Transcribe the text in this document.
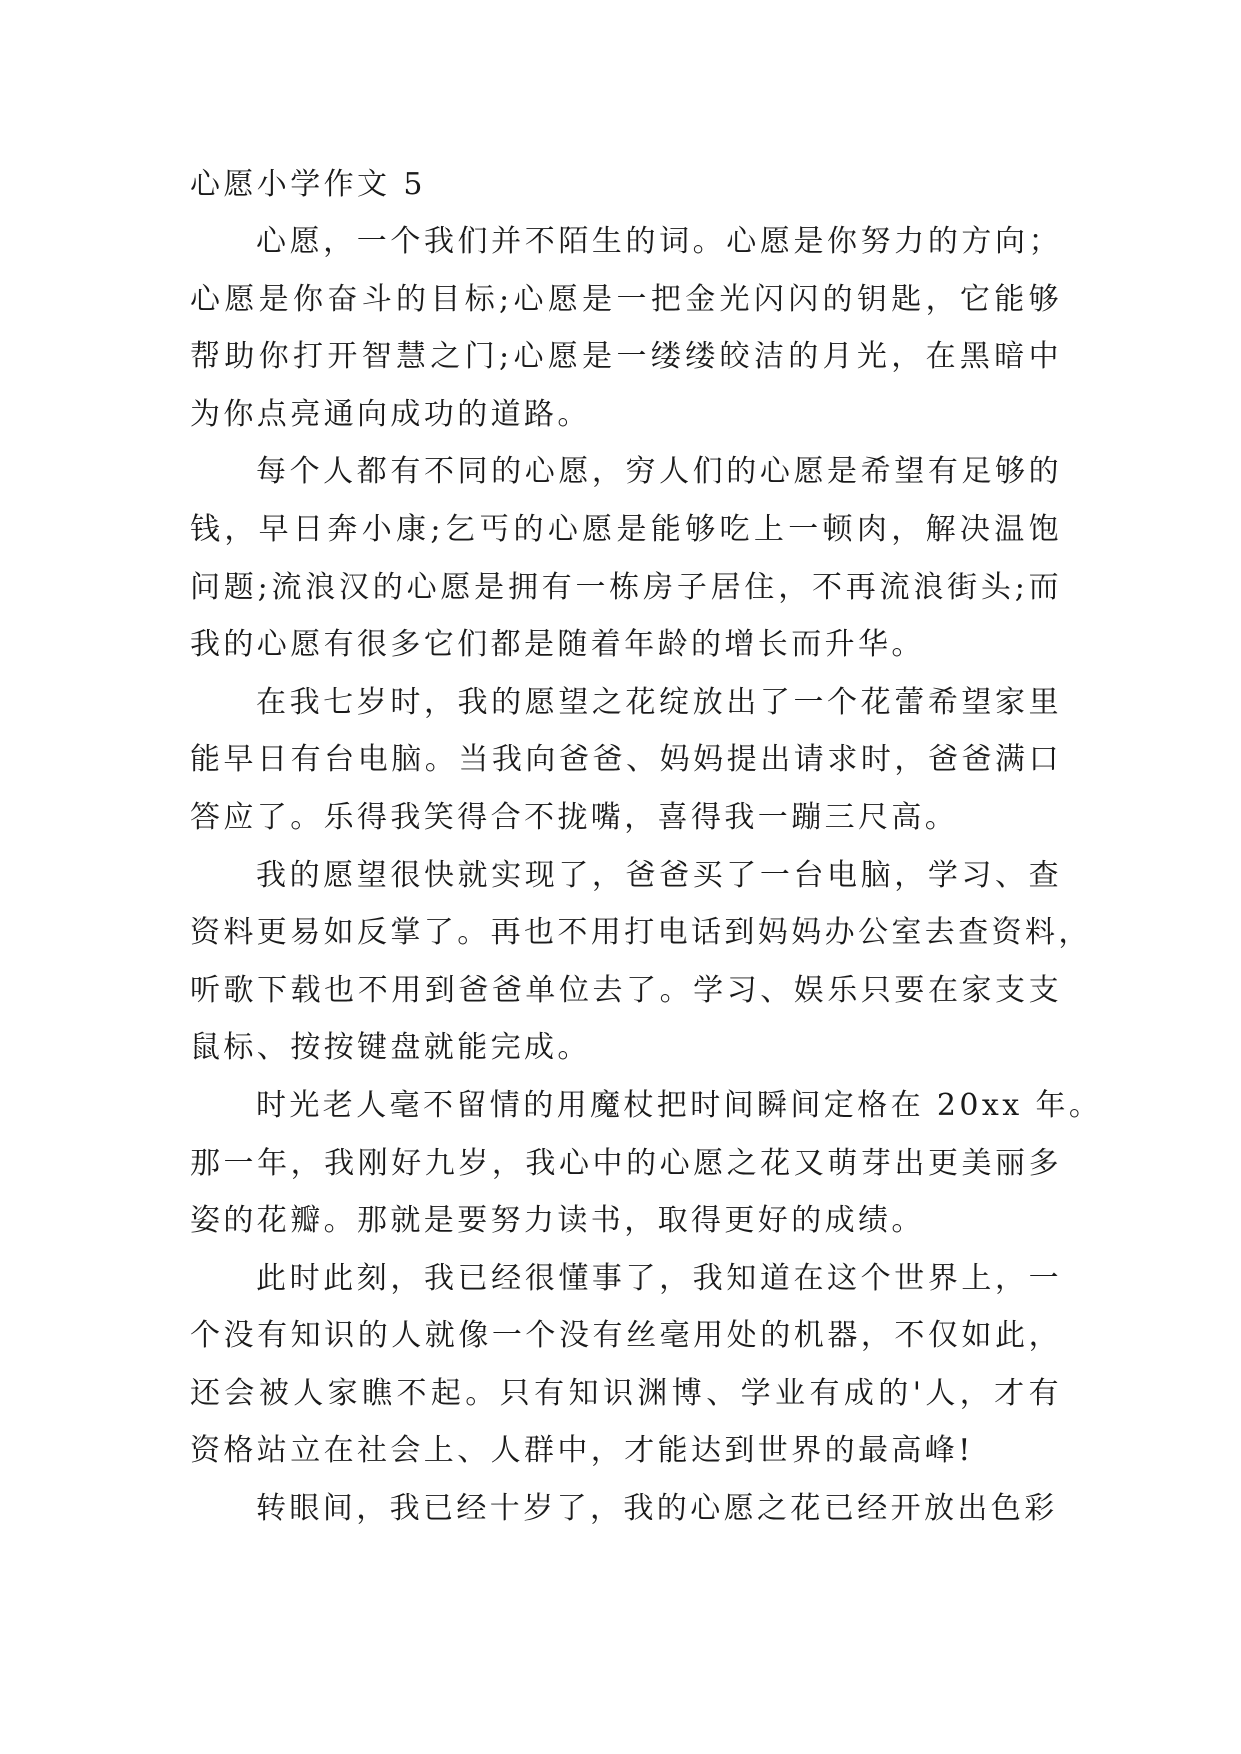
心愿小学作文 5
心愿，一个我们并不陌生的词。心愿是你努力的方向；
心愿是你奋斗的目标;心愿是一把金光闪闪的钥匙，它能够
帮助你打开智慧之门;心愿是一缕缕皎洁的月光，在黑暗中
为你点亮通向成功的道路。
每个人都有不同的心愿，穷人们的心愿是希望有足够的
钱，早日奔小康;乞丐的心愿是能够吃上一顿肉，解决温饱
问题;流浪汉的心愿是拥有一栋房子居住，不再流浪街头;而
我的心愿有很多它们都是随着年龄的增长而升华。
在我七岁时，我的愿望之花绽放出了一个花蕾希望家里
能早日有台电脑。当我向爸爸、妈妈提出请求时，爸爸满口
答应了。乐得我笑得合不拢嘴，喜得我一蹦三尺高。
我的愿望很快就实现了，爸爸买了一台电脑，学习、查
资料更易如反掌了。再也不用打电话到妈妈办公室去查资料，
听歌下载也不用到爸爸单位去了。学习、娱乐只要在家支支
鼠标、按按键盘就能完成。
时光老人毫不留情的用魔杖把时间瞬间定格在 20xx 年。
那一年，我刚好九岁，我心中的心愿之花又萌芽出更美丽多
姿的花瓣。那就是要努力读书，取得更好的成绩。
此时此刻，我已经很懂事了，我知道在这个世界上，一
个没有知识的人就像一个没有丝毫用处的机器，不仅如此，
还会被人家瞧不起。只有知识渊博、学业有成的'人，才有
资格站立在社会上、人群中，才能达到世界的最高峰!
转眼间，我已经十岁了，我的心愿之花已经开放出色彩
